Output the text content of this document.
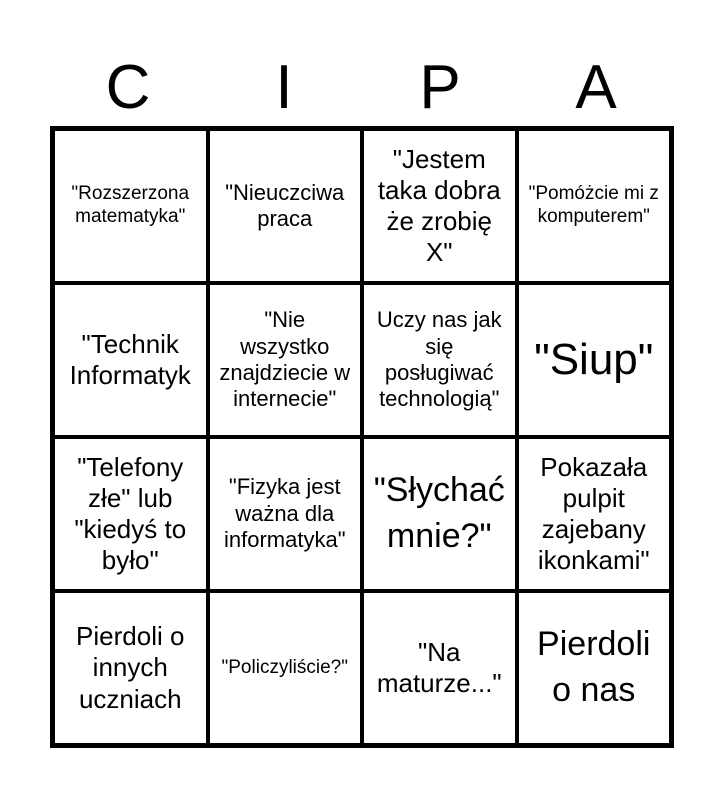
C	I	P	A
"Rozszerzona matematyka"
"Nieuczciwa praca
"Jestem taka dobra że zrobię X"
"Pomóżcie mi z komputerem"
"Technik Informatyk
"Nie wszystko znajdziecie w internecie"
Uczy nas jak się posługiwać technologią"
"Siup"
"Telefony złe" lub "kiedyś to było"
"Fizyka jest ważna dla informatyka"
"Słychać mnie?"
Pokazała pulpit zajebany ikonkami"
Pierdoli o innych uczniach
"Policzyliście?"
"Na maturze..."
Pierdoli o nas
